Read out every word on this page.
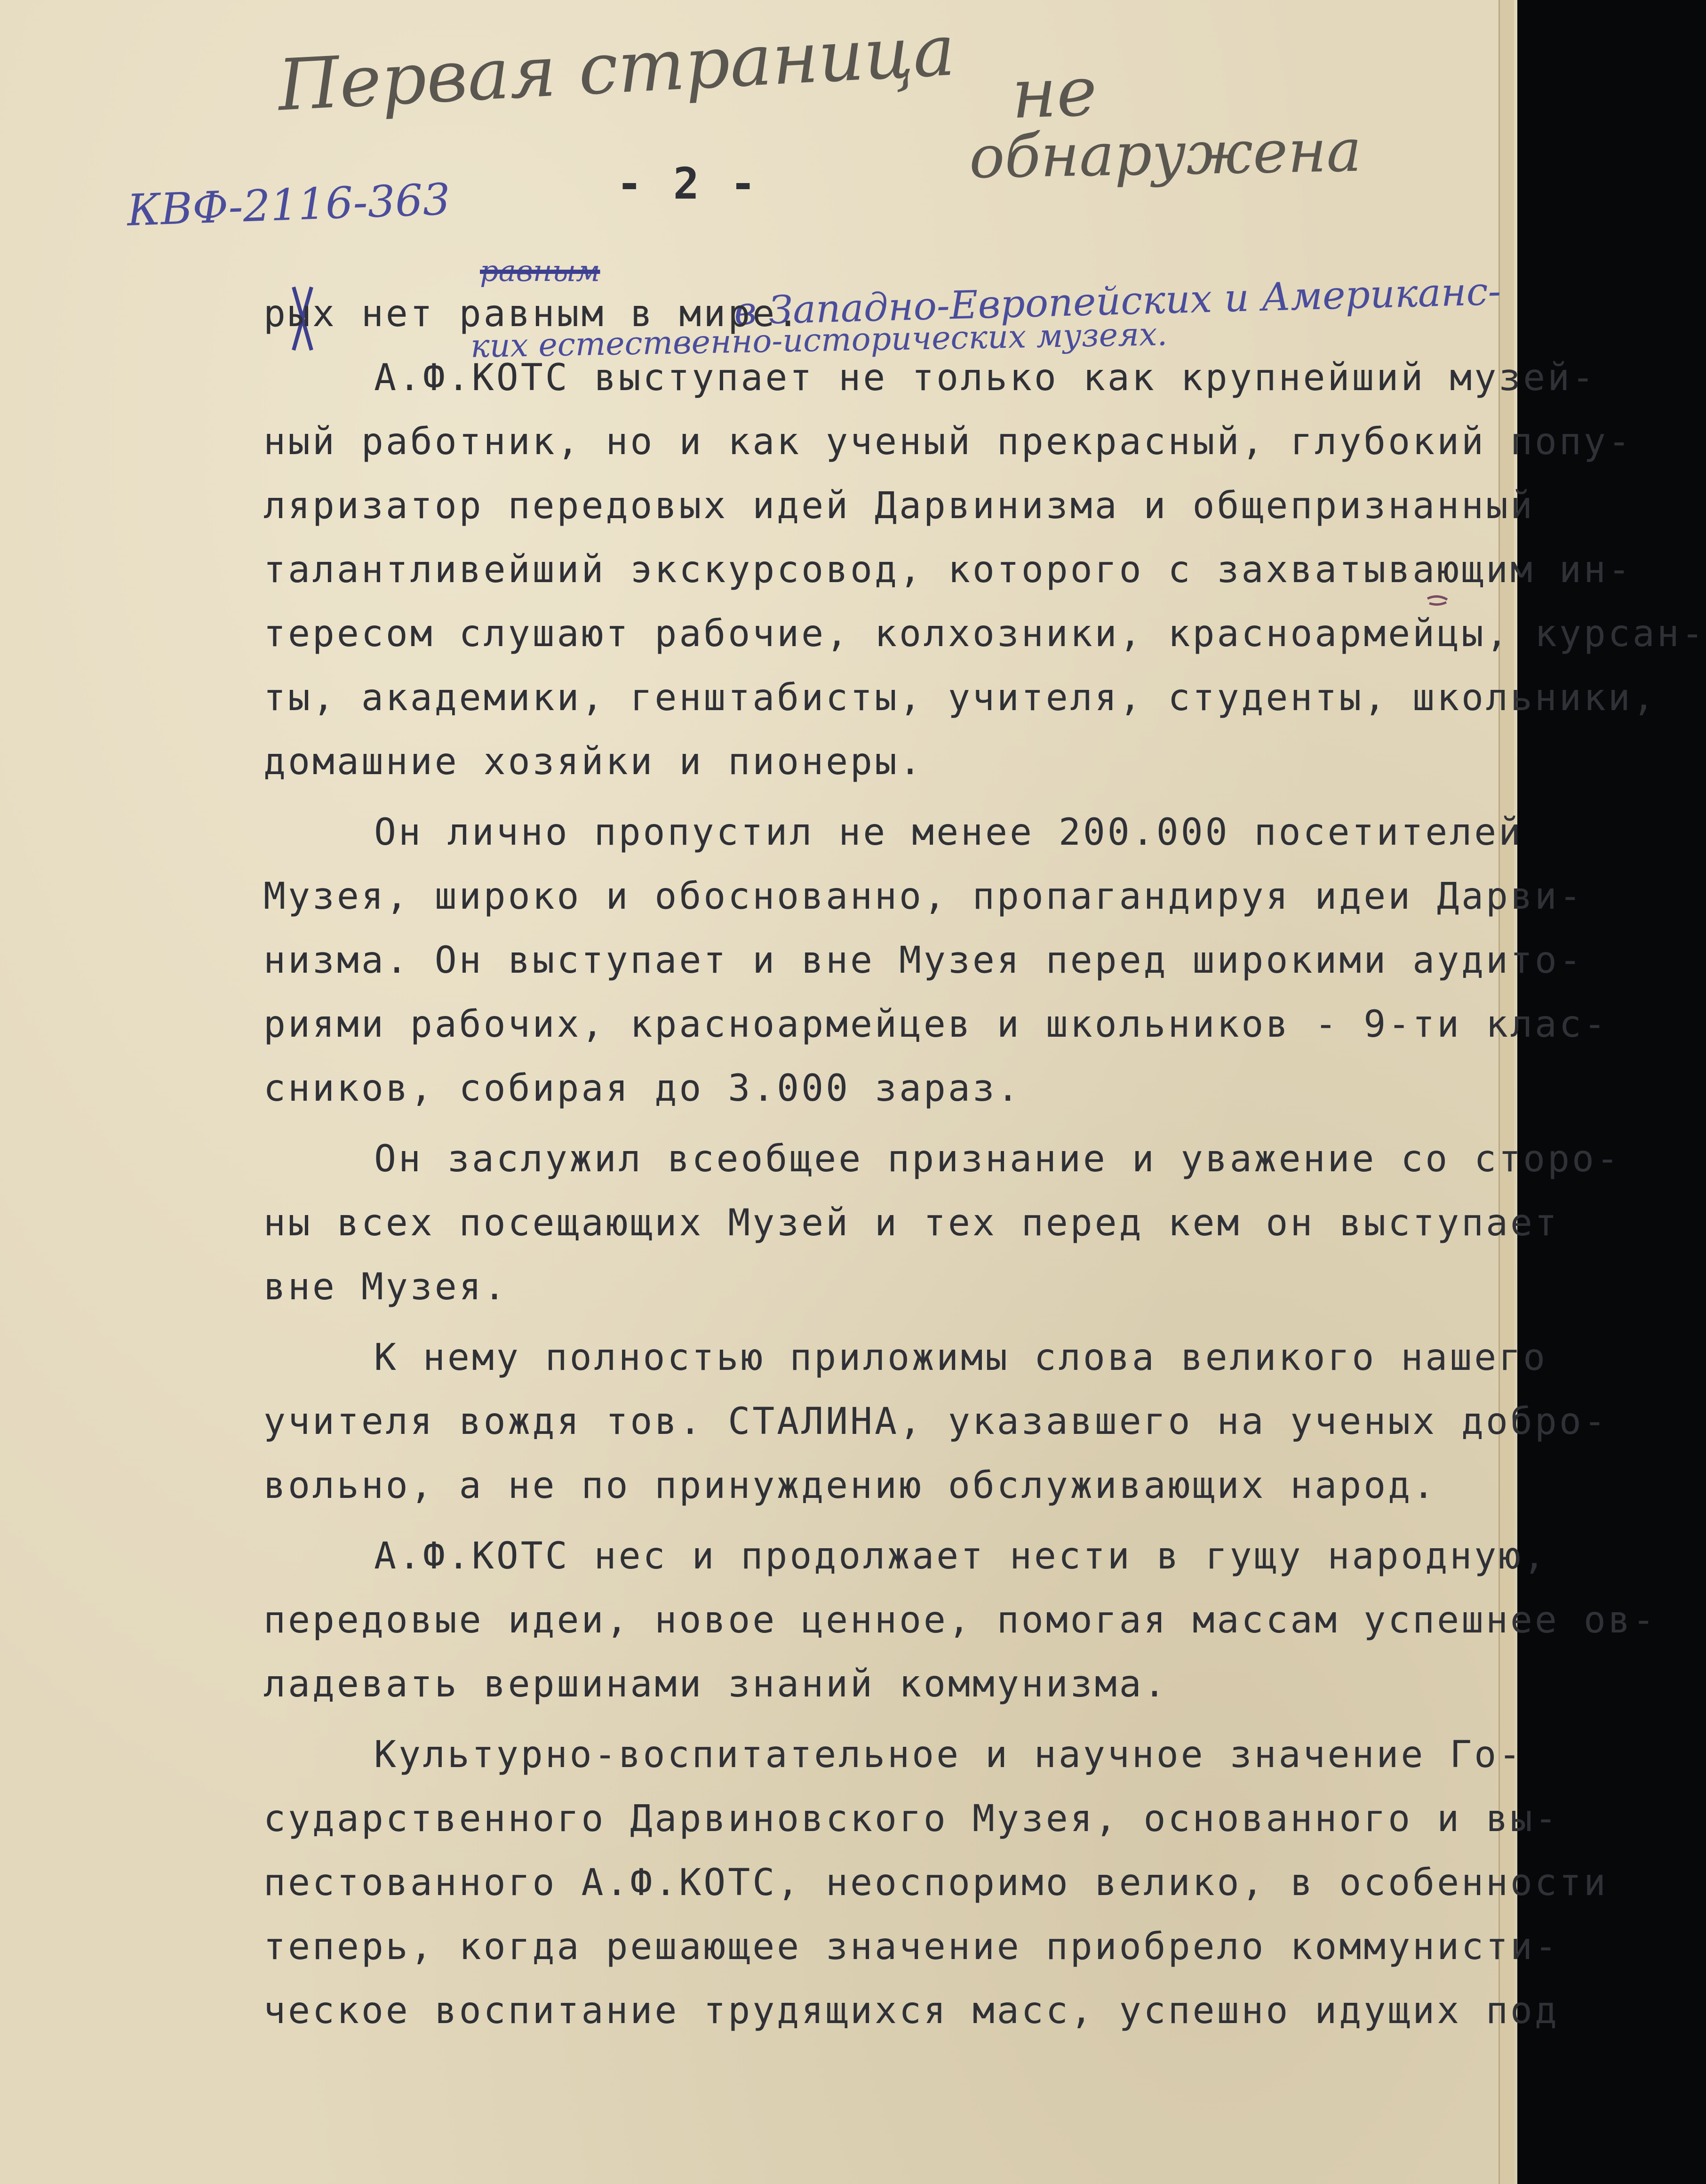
Первая страница не
обнаружена
КВФ-2116-363	- 2 -
равным	в Западно-Европейских и Американс-
ких естественно-исторических музеях.
рых нет равным в мире.
А.Ф.КОТС выступает не только как крупнейший музей-
ный работник, но и как ученый прекрасный, глубокий попу-
ляризатор передовых идей Дарвинизма и общепризнанный
талантливейший экскурсовод, которого с захватывающим ин-
тересом слушают рабочие, колхозники, красноармейцы, курсан-
ты, академики, генштабисты, учителя, студенты, школьники,
домашние хозяйки и пионеры.
Он лично пропустил не менее 200.000 посетителей
Музея, широко и обоснованно, пропагандируя идеи Дарви-
низма. Он выступает и вне Музея перед широкими аудито-
риями рабочих, красноармейцев и школьников - 9-ти клас-
сников, собирая до 3.000 зараз.
Он заслужил всеобщее признание и уважение со сторо-
ны всех посещающих Музей и тех перед кем он выступает
вне Музея.
К нему полностью приложимы слова великого нашего
учителя вождя тов. СТАЛИНА, указавшего на ученых добро-
вольно, а не по принуждению обслуживающих народ.
А.Ф.КОТС нес и продолжает нести в гущу народную,
передовые идеи, новое ценное, помогая массам успешнее ов-
ладевать вершинами знаний коммунизма.
Культурно-воспитательное и научное значение Го-
сударственного Дарвиновского Музея, основанного и вы-
пестованного А.Ф.КОТС, неоспоримо велико, в особенности
теперь, когда решающее значение приобрело коммунисти-
ческое воспитание трудящихся масс, успешно идущих под
